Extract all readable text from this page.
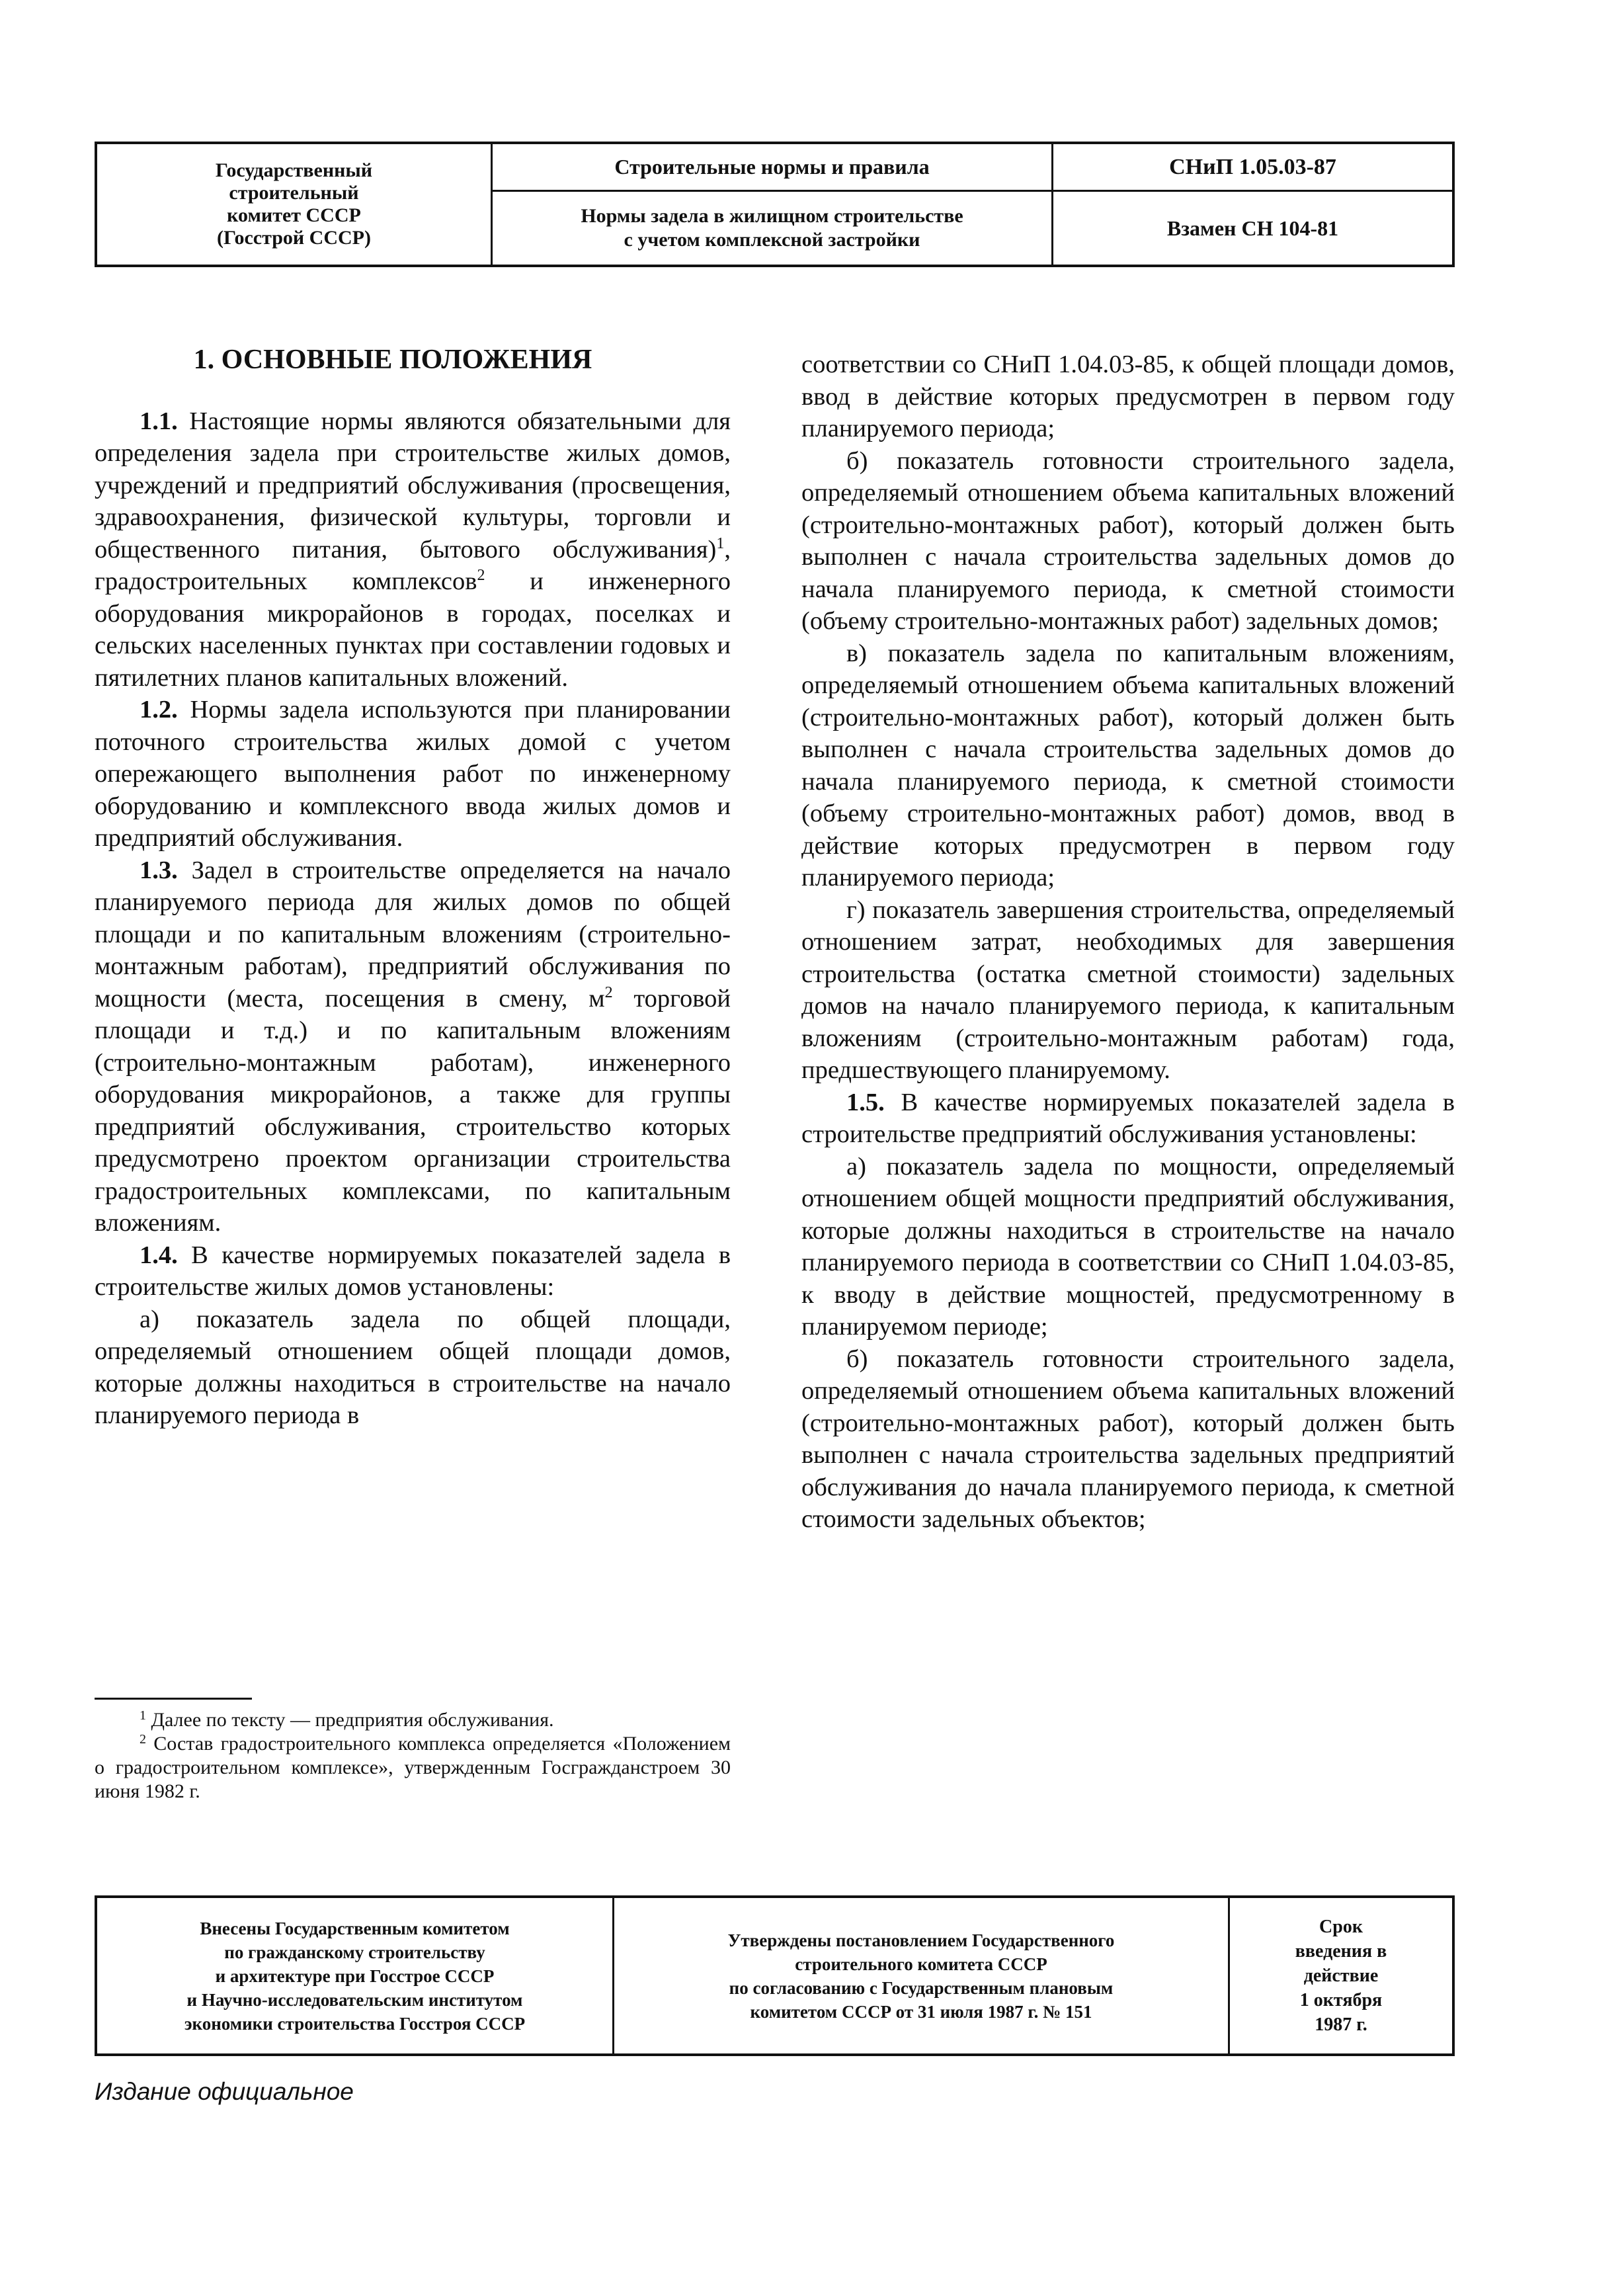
Государственный
строительный
комитет СССР
(Госстрой СССР)
Строительные нормы и правила	СНиП 1.05.03-87
Нормы задела в жилищном строительстве
с учетом комплексной застройки	Взамен СН 104-81
1. ОСНОВНЫЕ ПОЛОЖЕНИЯ

1.1. Настоящие нормы являются обязательными для определения задела при строительстве жилых домов, учреждений и предприятий обслуживания (просвещения, здравоохранения, физической культуры, торговли и общественного питания, бытового обслуживания)$^1$, градостроительных комплексов$^2$ и инженерного оборудования микрорайонов в городах, поселках и сельских населенных пунктах при составлении годовых и пятилетних планов капитальных вложений.

1.2. Нормы задела используются при планировании поточного строительства жилых домой с учетом опережающего выполнения работ по инженерному оборудованию и комплексного ввода жилых домов и предприятий обслуживания.

1.3. Задел в строительстве определяется на начало планируемого периода для жилых домов по общей площади и по капитальным вложениям (строительно-монтажным работам), предприятий обслуживания по мощности (места, посещения в смену, $м^2$ торговой площади и т.д.) и по капитальным вложениям (строительно-монтажным работам), инженерного оборудования микрорайонов, а также для группы предприятий обслуживания, строительство которых предусмотрено проектом организации строительства градостроительных комплексами, по капитальным вложениям.

1.4. В качестве нормируемых показателей задела в строительстве жилых домов установлены:

а) показатель задела по общей площади, определяемый отношением общей площади домов, которые должны находиться в строительстве на начало планируемого периода в

$^1$ Далее по тексту — предприятия обслуживания.

$^2$ Состав градостроительного комплекса определяется «Положением о градостроительном комплексе», утвержденным Госгражданстроем 30 июня 1982 г.

соответствии со СНиП 1.04.03-85, к общей площади домов, ввод в действие которых предусмотрен в первом году планируемого периода;

б) показатель готовности строительного задела, определяемый отношением объема капитальных вложений (строительно-монтажных работ), который должен быть выполнен с начала строительства задельных домов до начала планируемого периода, к сметной стоимости (объему строительно-монтажных работ) задельных домов;

в) показатель задела по капитальным вложениям, определяемый отношением объема капитальных вложений (строительно-монтажных работ), который должен быть выполнен с начала строительства задельных домов до начала планируемого периода, к сметной стоимости (объему строительно-монтажных работ) домов, ввод в действие которых предусмотрен в первом году планируемого периода;

г) показатель завершения строительства, определяемый отношением затрат, необходимых для завершения строительства (остатка сметной стоимости) задельных домов на начало планируемого периода, к капитальным вложениям (строительно-монтажным работам) года, предшествующего планируемому.

1.5. В качестве нормируемых показателей задела в строительстве предприятий обслуживания установлены:

а) показатель задела по мощности, определяемый отношением общей мощности предприятий обслуживания, которые должны находиться в строительстве на начало планируемого периода в соответствии со СНиП 1.04.03-85, к вводу в действие мощностей, предусмотренному в планируемом периоде;

б) показатель готовности строительного задела, определяемый отношением объема капитальных вложений (строительно-монтажных работ), который должен быть выполнен с начала строительства задельных предприятий обслуживания до начала планируемого периода, к сметной стоимости задельных объектов;

Внесены Государственным комитетом
по гражданскому строительству
и архитектуре при Госстрое СССР
и Научно-исследовательским институтом
экономики строительства Госстроя СССР
Утверждены постановлением Государственного
строительного комитета СССР
по согласованию с Государственным плановым
комитетом СССР от 31 июля 1987 г. № 151
Срок
введения в
действие
1 октября
1987 г.
Издание официальное
